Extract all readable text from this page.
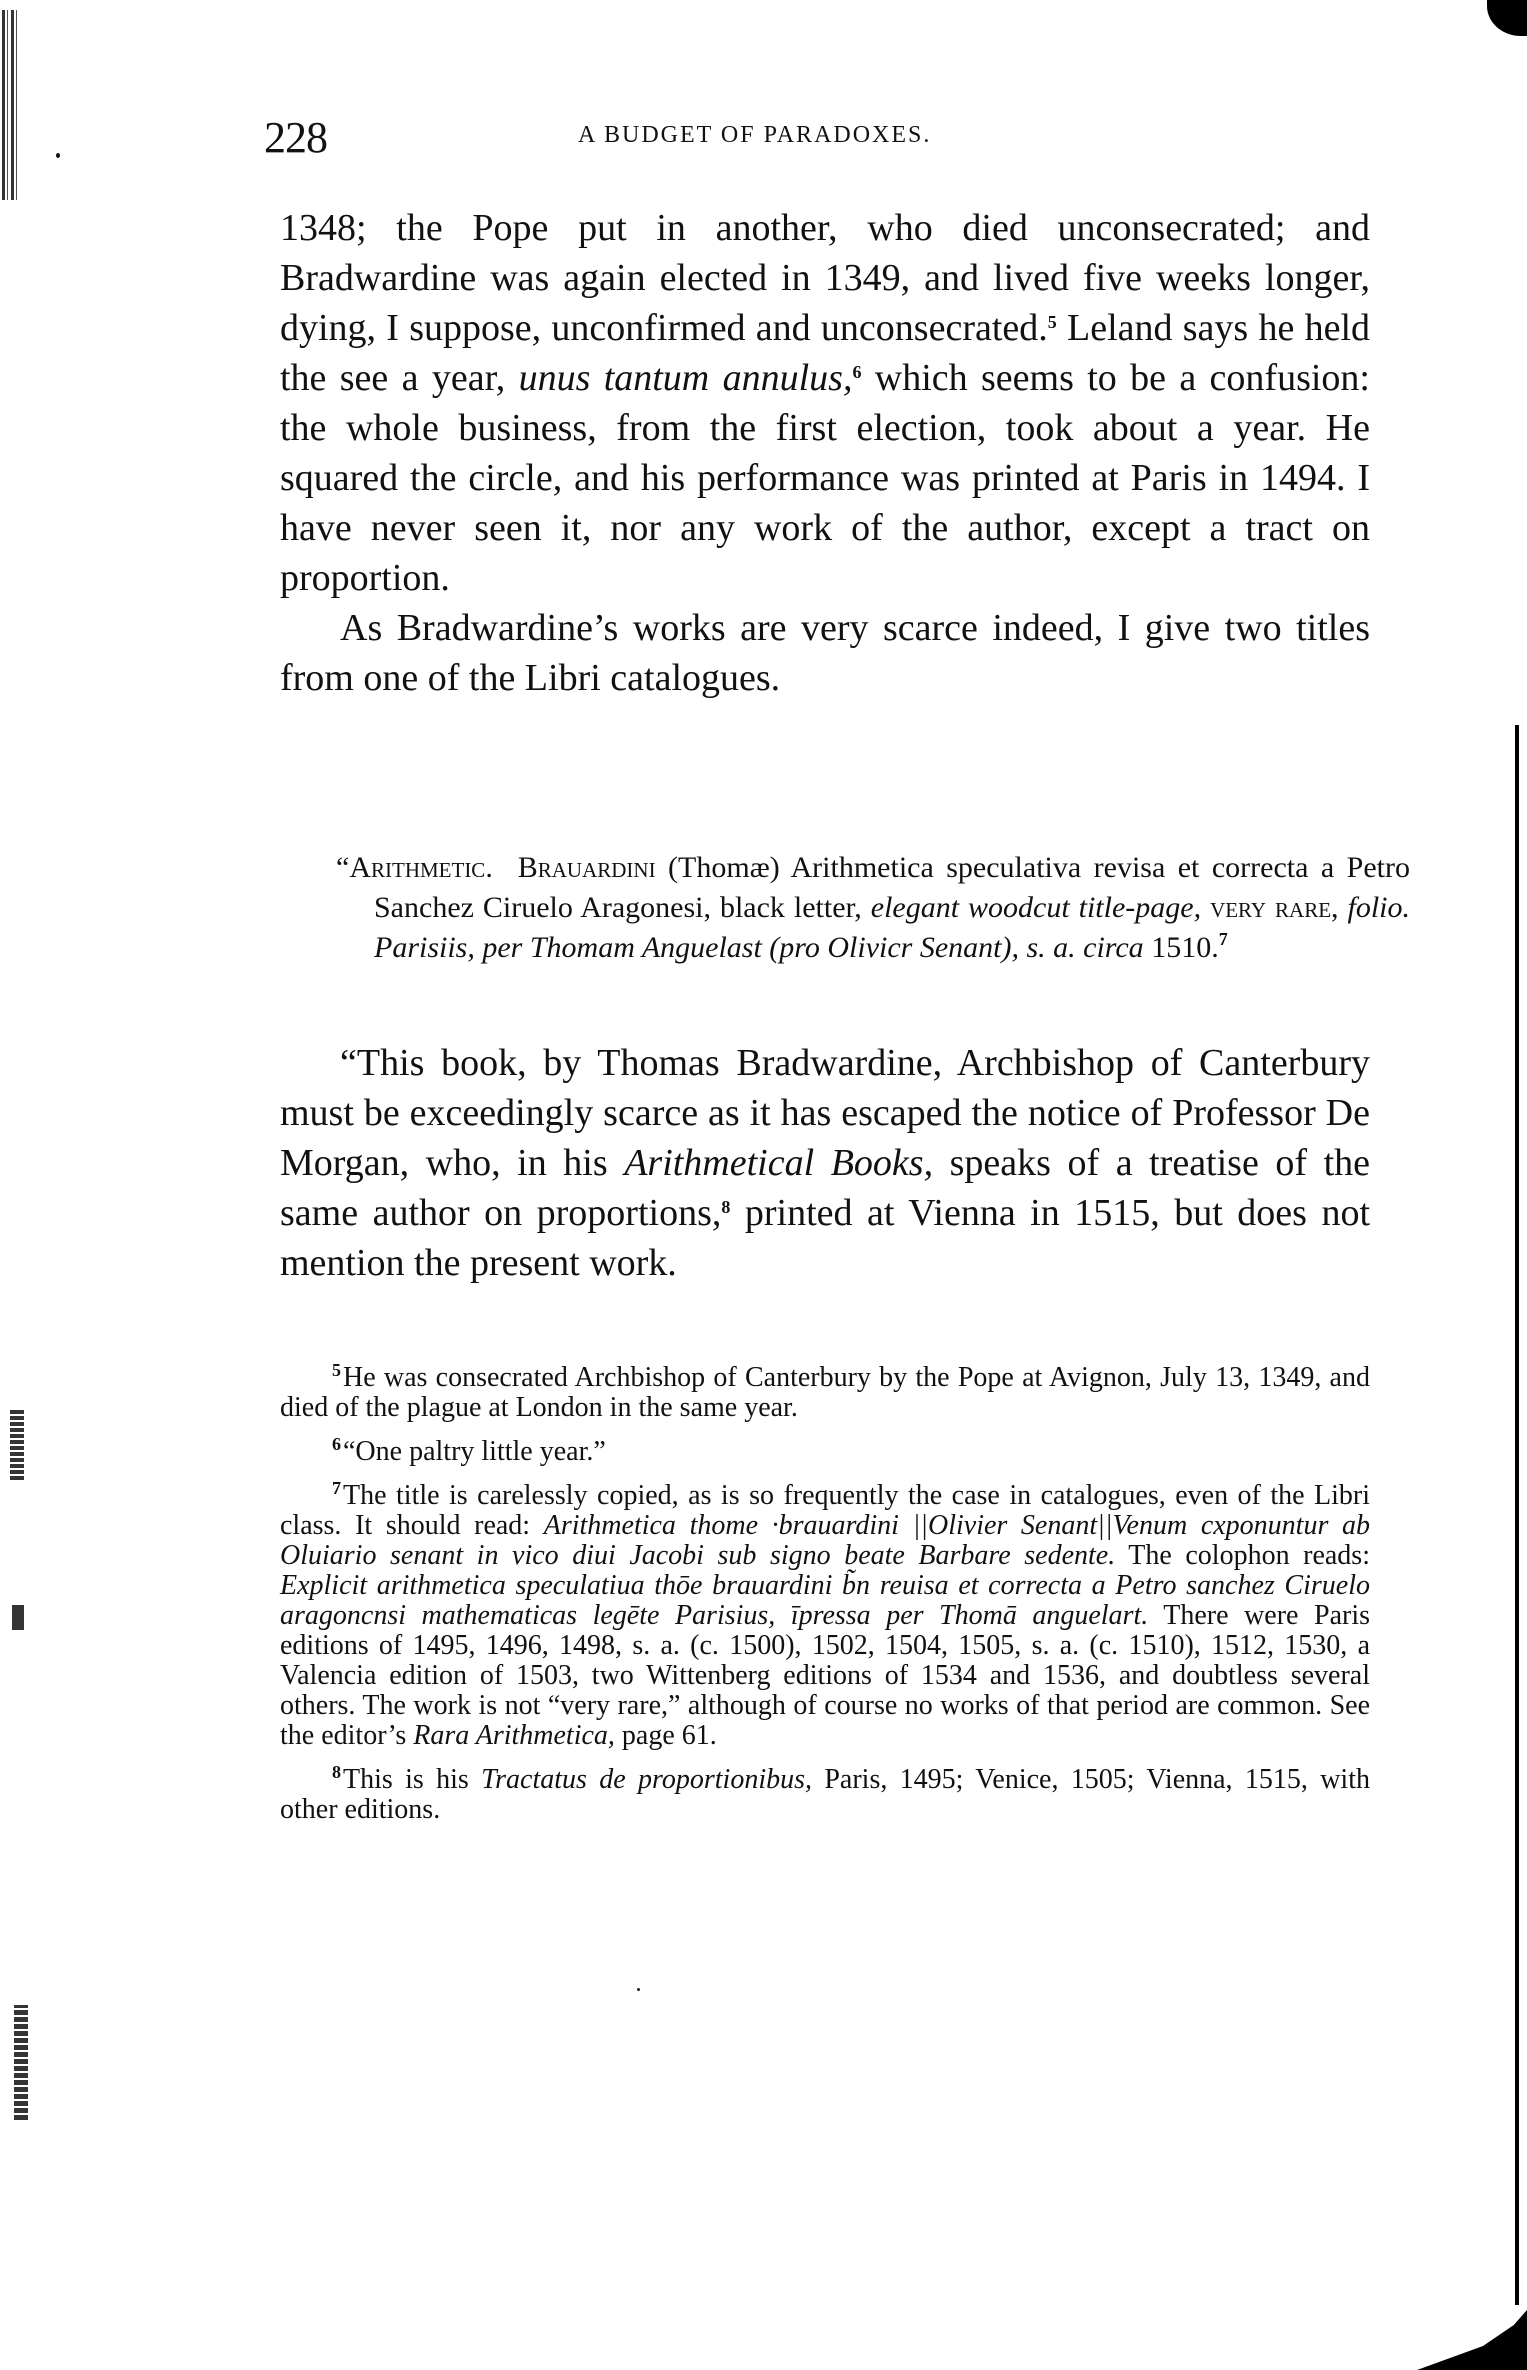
228	A BUDGET OF PARADOXES.

1348; the Pope put in another, who died unconsecrated; and Bradwardine was again elected in 1349, and lived five weeks longer, dying, I suppose, unconfirmed and unconsecrated.$^5$ Leland says he held the see a year, unus tantum annulus,$^6$ which seems to be a confusion: the whole business, from the first election, took about a year. He squared the circle, and his performance was printed at Paris in 1494. I have never seen it, nor any work of the author, except a tract on proportion.

As Bradwardine’s works are very scarce indeed, I give two titles from one of the Libri catalogues.

“Arithmetic. Brauardini (Thomæ) Arithmetica speculativa revisa et correcta a Petro Sanchez Ciruelo Aragonesi, black letter, elegant woodcut title-page, very rare, folio. Parisiis, per Thomam Anguelast (pro Olivicr Senant), s. a. circa 1510.$^7$

“This book, by Thomas Bradwardine, Archbishop of Canterbury must be exceedingly scarce as it has escaped the notice of Professor De Morgan, who, in his Arithmetical Books, speaks of a treatise of the same author on proportions,$^8$ printed at Vienna in 1515, but does not mention the present work.

$^5$He was consecrated Archbishop of Canterbury by the Pope at Avignon, July 13, 1349, and died of the plague at London in the same year.

$^6$“One paltry little year.”

$^7$The title is carelessly copied, as is so frequently the case in catalogues, even of the Libri class. It should read: Arithmetica thome ·brauardini ||Olivier Senant||Venum cxponuntur ab Oluiario senant in vico diui Jacobi sub signo beate Barbare sedente. The colophon reads: Explicit arithmetica speculatiua thōe brauardini b̃n reuisa et correcta a Petro sanchez Ciruelo aragoncnsi mathematicas legēte Parisius, īpressa per Thomā anguelart. There were Paris editions of 1495, 1496, 1498, s. a. (c. 1500), 1502, 1504, 1505, s. a. (c. 1510), 1512, 1530, a Valencia edition of 1503, two Wittenberg editions of 1534 and 1536, and doubtless several others. The work is not “very rare,” although of course no works of that period are common. See the editor’s Rara Arithmetica, page 61.

$^8$This is his Tractatus de proportionibus, Paris, 1495; Venice, 1505; Vienna, 1515, with other editions.
